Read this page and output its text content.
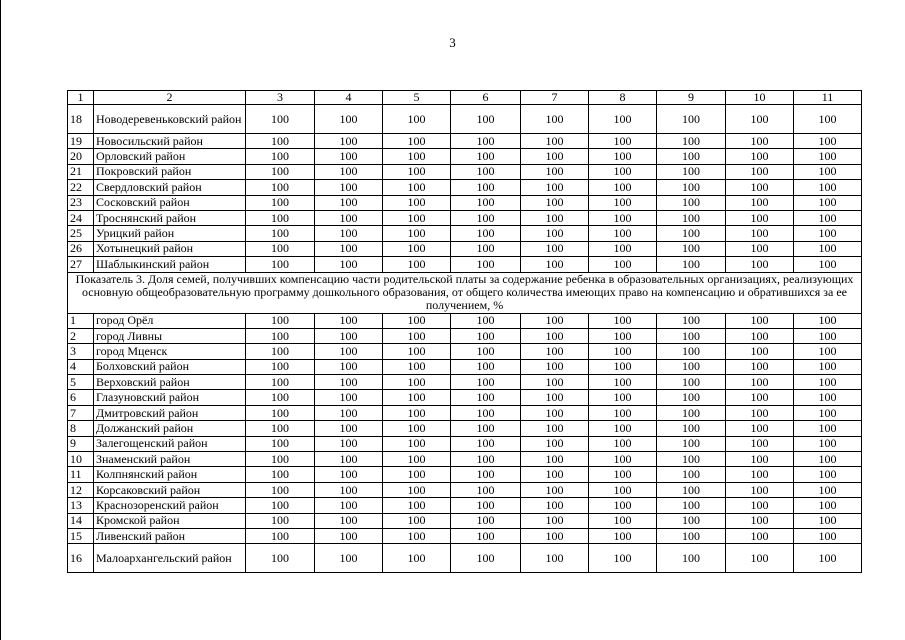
3
1	2	3	4	5	6	7	8	9	10	11
18	Новодеревеньковский район	100	100	100	100	100	100	100	100	100
19	Новосильский район	100	100	100	100	100	100	100	100	100
20	Орловский район	100	100	100	100	100	100	100	100	100
21	Покровский район	100	100	100	100	100	100	100	100	100
22	Свердловский район	100	100	100	100	100	100	100	100	100
23	Сосковский район	100	100	100	100	100	100	100	100	100
24	Троснянский район	100	100	100	100	100	100	100	100	100
25	Урицкий район	100	100	100	100	100	100	100	100	100
26	Хотынецкий район	100	100	100	100	100	100	100	100	100
27	Шаблыкинский район	100	100	100	100	100	100	100	100	100
Показатель 3. Доля семей, получивших компенсацию части родительской платы за содержание ребенка в образовательных организациях, реализующих основную общеобразовательную программу дошкольного образования, от общего количества имеющих право на компенсацию и обратившихся за ее получением, %										
1	город Орёл	100	100	100	100	100	100	100	100	100
2	город Ливны	100	100	100	100	100	100	100	100	100
3	город Мценск	100	100	100	100	100	100	100	100	100
4	Болховский район	100	100	100	100	100	100	100	100	100
5	Верховский район	100	100	100	100	100	100	100	100	100
6	Глазуновский район	100	100	100	100	100	100	100	100	100
7	Дмитровский район	100	100	100	100	100	100	100	100	100
8	Должанский район	100	100	100	100	100	100	100	100	100
9	Залегощенский район	100	100	100	100	100	100	100	100	100
10	Знаменский район	100	100	100	100	100	100	100	100	100
11	Колпнянский район	100	100	100	100	100	100	100	100	100
12	Корсаковский район	100	100	100	100	100	100	100	100	100
13	Краснозоренский район	100	100	100	100	100	100	100	100	100
14	Кромской район	100	100	100	100	100	100	100	100	100
15	Ливенский район	100	100	100	100	100	100	100	100	100
16	Малоархангельский район	100	100	100	100	100	100	100	100	100
